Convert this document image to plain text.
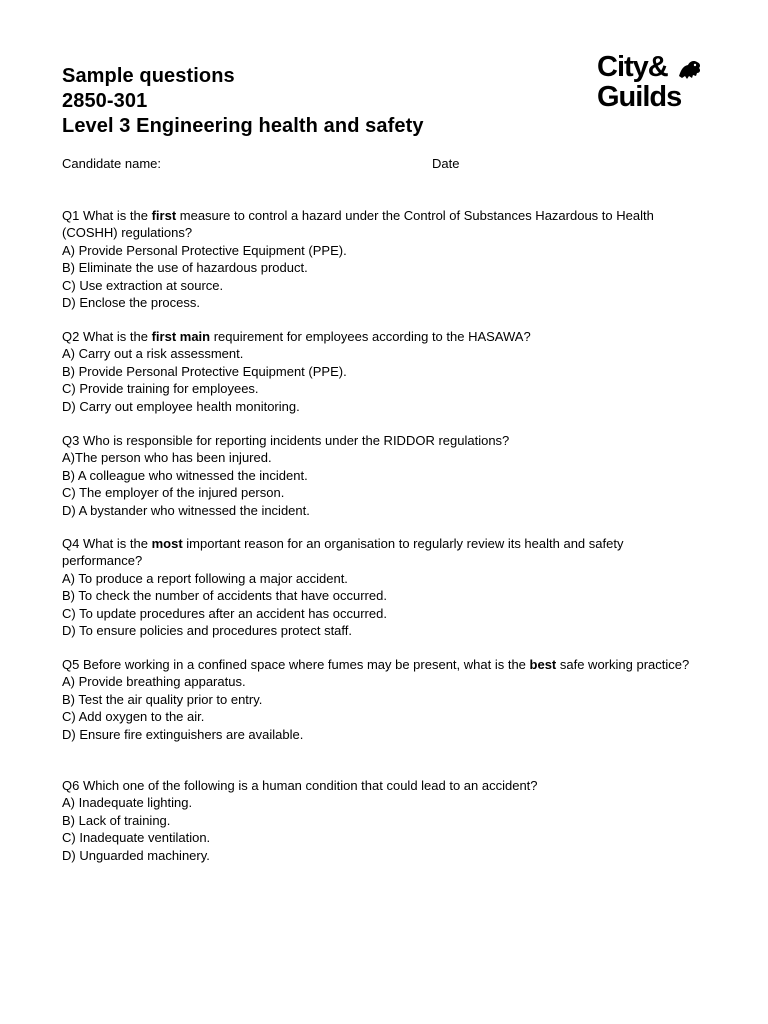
Sample questions
2850-301
Level 3 Engineering health and safety
City&
Guilds
Candidate name:	Date

Q1 What is the first measure to control a hazard under the Control of Substances Hazardous to Health (COSHH) regulations?

A) Provide Personal Protective Equipment (PPE).

B) Eliminate the use of hazardous product.

C) Use extraction at source.

D) Enclose the process.

Q2 What is the first main requirement for employees according to the HASAWA?

A) Carry out a risk assessment.

B) Provide Personal Protective Equipment (PPE).

C) Provide training for employees.

D) Carry out employee health monitoring.

Q3 Who is responsible for reporting incidents under the RIDDOR regulations?

A)The person who has been injured.

B) A colleague who witnessed the incident.

C) The employer of the injured person.

D) A bystander who witnessed the incident.

Q4 What is the most important reason for an organisation to regularly review its health and safety performance?

A) To produce a report following a major accident.

B) To check the number of accidents that have occurred.

C) To update procedures after an accident has occurred.

D) To ensure policies and procedures protect staff.

Q5 Before working in a confined space where fumes may be present, what is the best safe working practice?

A) Provide breathing apparatus.

B) Test the air quality prior to entry.

C) Add oxygen to the air.

D) Ensure fire extinguishers are available.

Q6 Which one of the following is a human condition that could lead to an accident?

A) Inadequate lighting.

B) Lack of training.

C) Inadequate ventilation.

D) Unguarded machinery.
